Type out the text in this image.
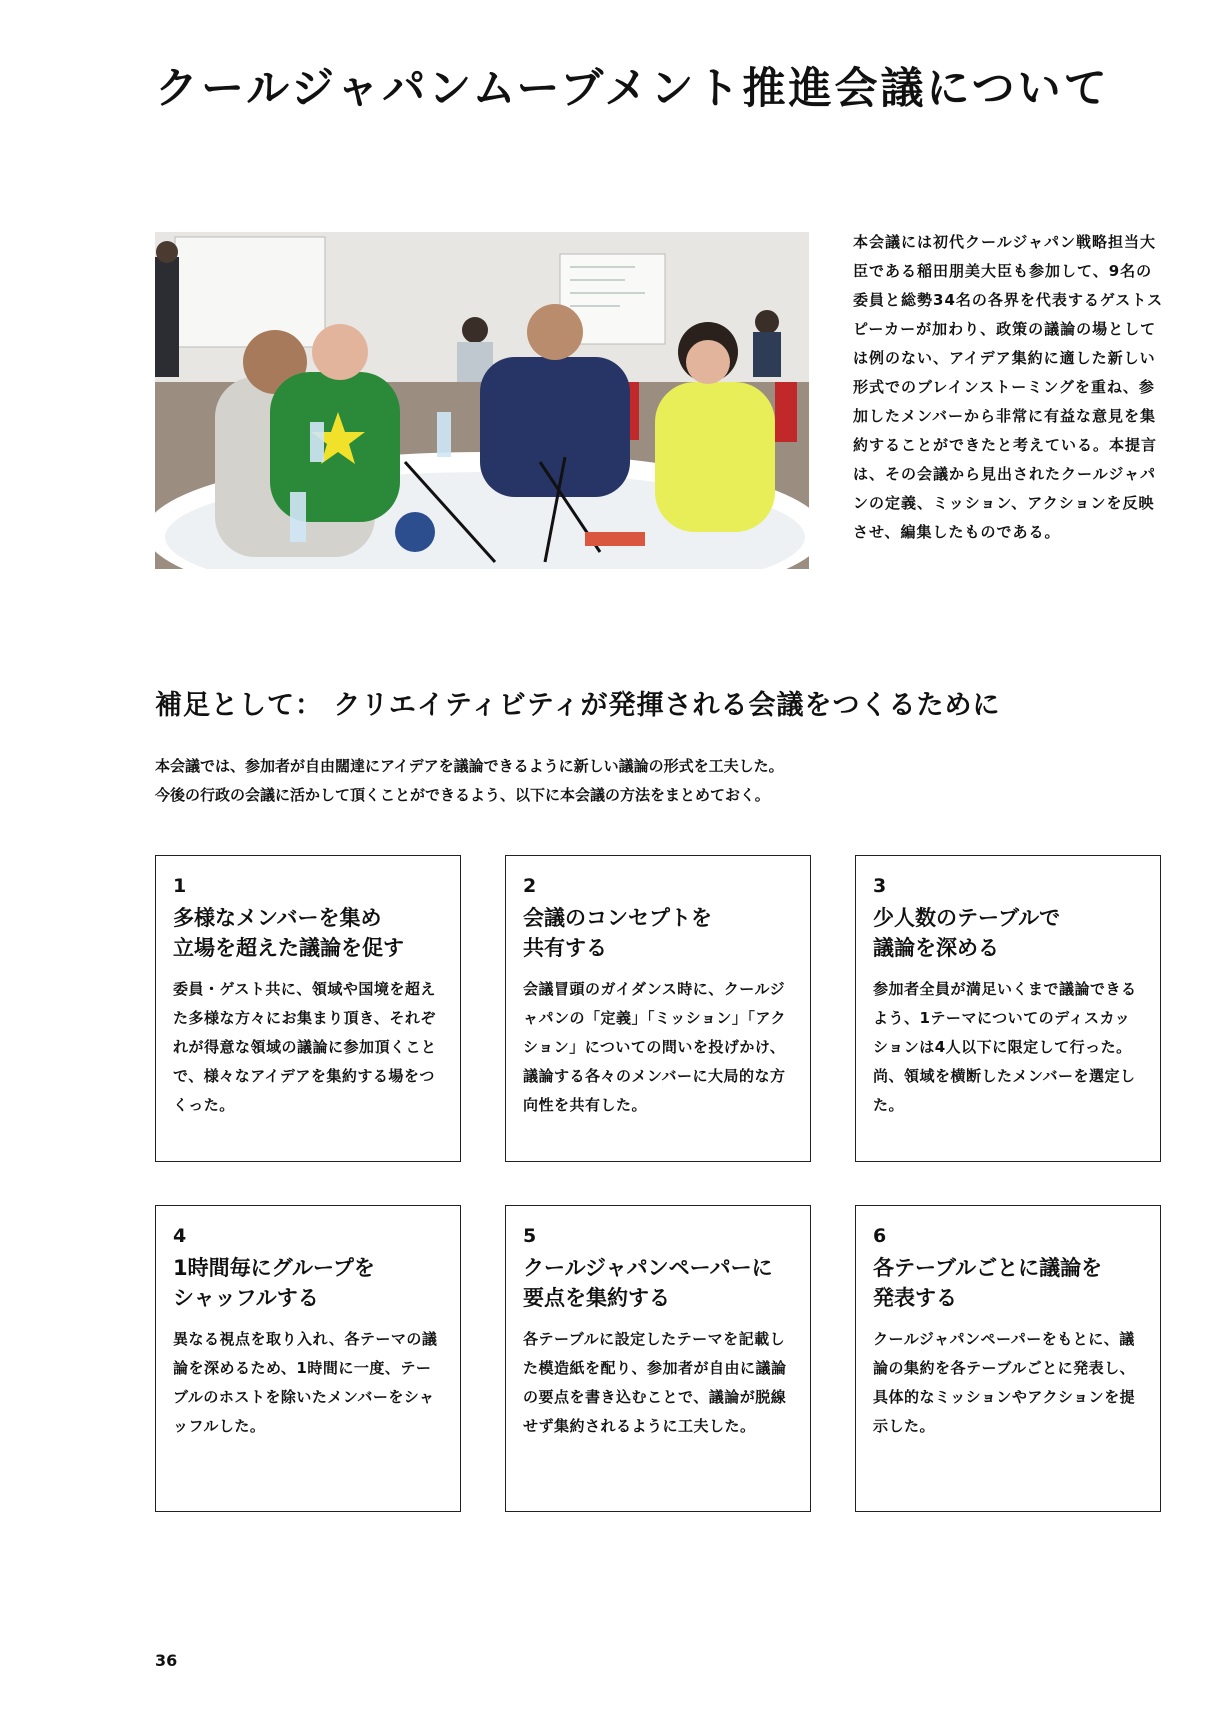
クールジャパンムーブメント推進会議について

本会議には初代クールジャパン戦略担当大臣である稲田朋美大臣も参加して、9名の委員と総勢34名の各界を代表するゲストスピーカーが加わり、政策の議論の場としては例のない、アイデア集約に適した新しい形式でのブレインストーミングを重ね、参加したメンバーから非常に有益な意見を集約することができたと考えている。本提言は、その会議から見出されたクールジャパンの定義、ミッション、アクションを反映させ、編集したものである。

補足として： クリエイティビティが発揮される会議をつくるために

本会議では、参加者が自由闊達にアイデアを議論できるように新しい議論の形式を工夫した。
今後の行政の会議に活かして頂くことができるよう、以下に本会議の方法をまとめておく。

1

多様なメンバーを集め
立場を超えた議論を促す

委員・ゲスト共に、領域や国境を超えた多様な方々にお集まり頂き、それぞれが得意な領域の議論に参加頂くことで、様々なアイデアを集約する場をつくった。

2

会議のコンセプトを
共有する

会議冒頭のガイダンス時に、クールジャパンの「定義」「ミッション」「アクション」についての問いを投げかけ、議論する各々のメンバーに大局的な方向性を共有した。

3

少人数のテーブルで
議論を深める

参加者全員が満足いくまで議論できるよう、1テーマについてのディスカッションは4人以下に限定して行った。尚、領域を横断したメンバーを選定した。

4

1時間毎にグループを
シャッフルする

異なる視点を取り入れ、各テーマの議論を深めるため、1時間に一度、テーブルのホストを除いたメンバーをシャッフルした。

5

クールジャパンペーパーに
要点を集約する

各テーブルに設定したテーマを記載した模造紙を配り、参加者が自由に議論の要点を書き込むことで、議論が脱線せず集約されるように工夫した。

6

各テーブルごとに議論を
発表する

クールジャパンペーパーをもとに、議論の集約を各テーブルごとに発表し、具体的なミッションやアクションを提示した。

36
